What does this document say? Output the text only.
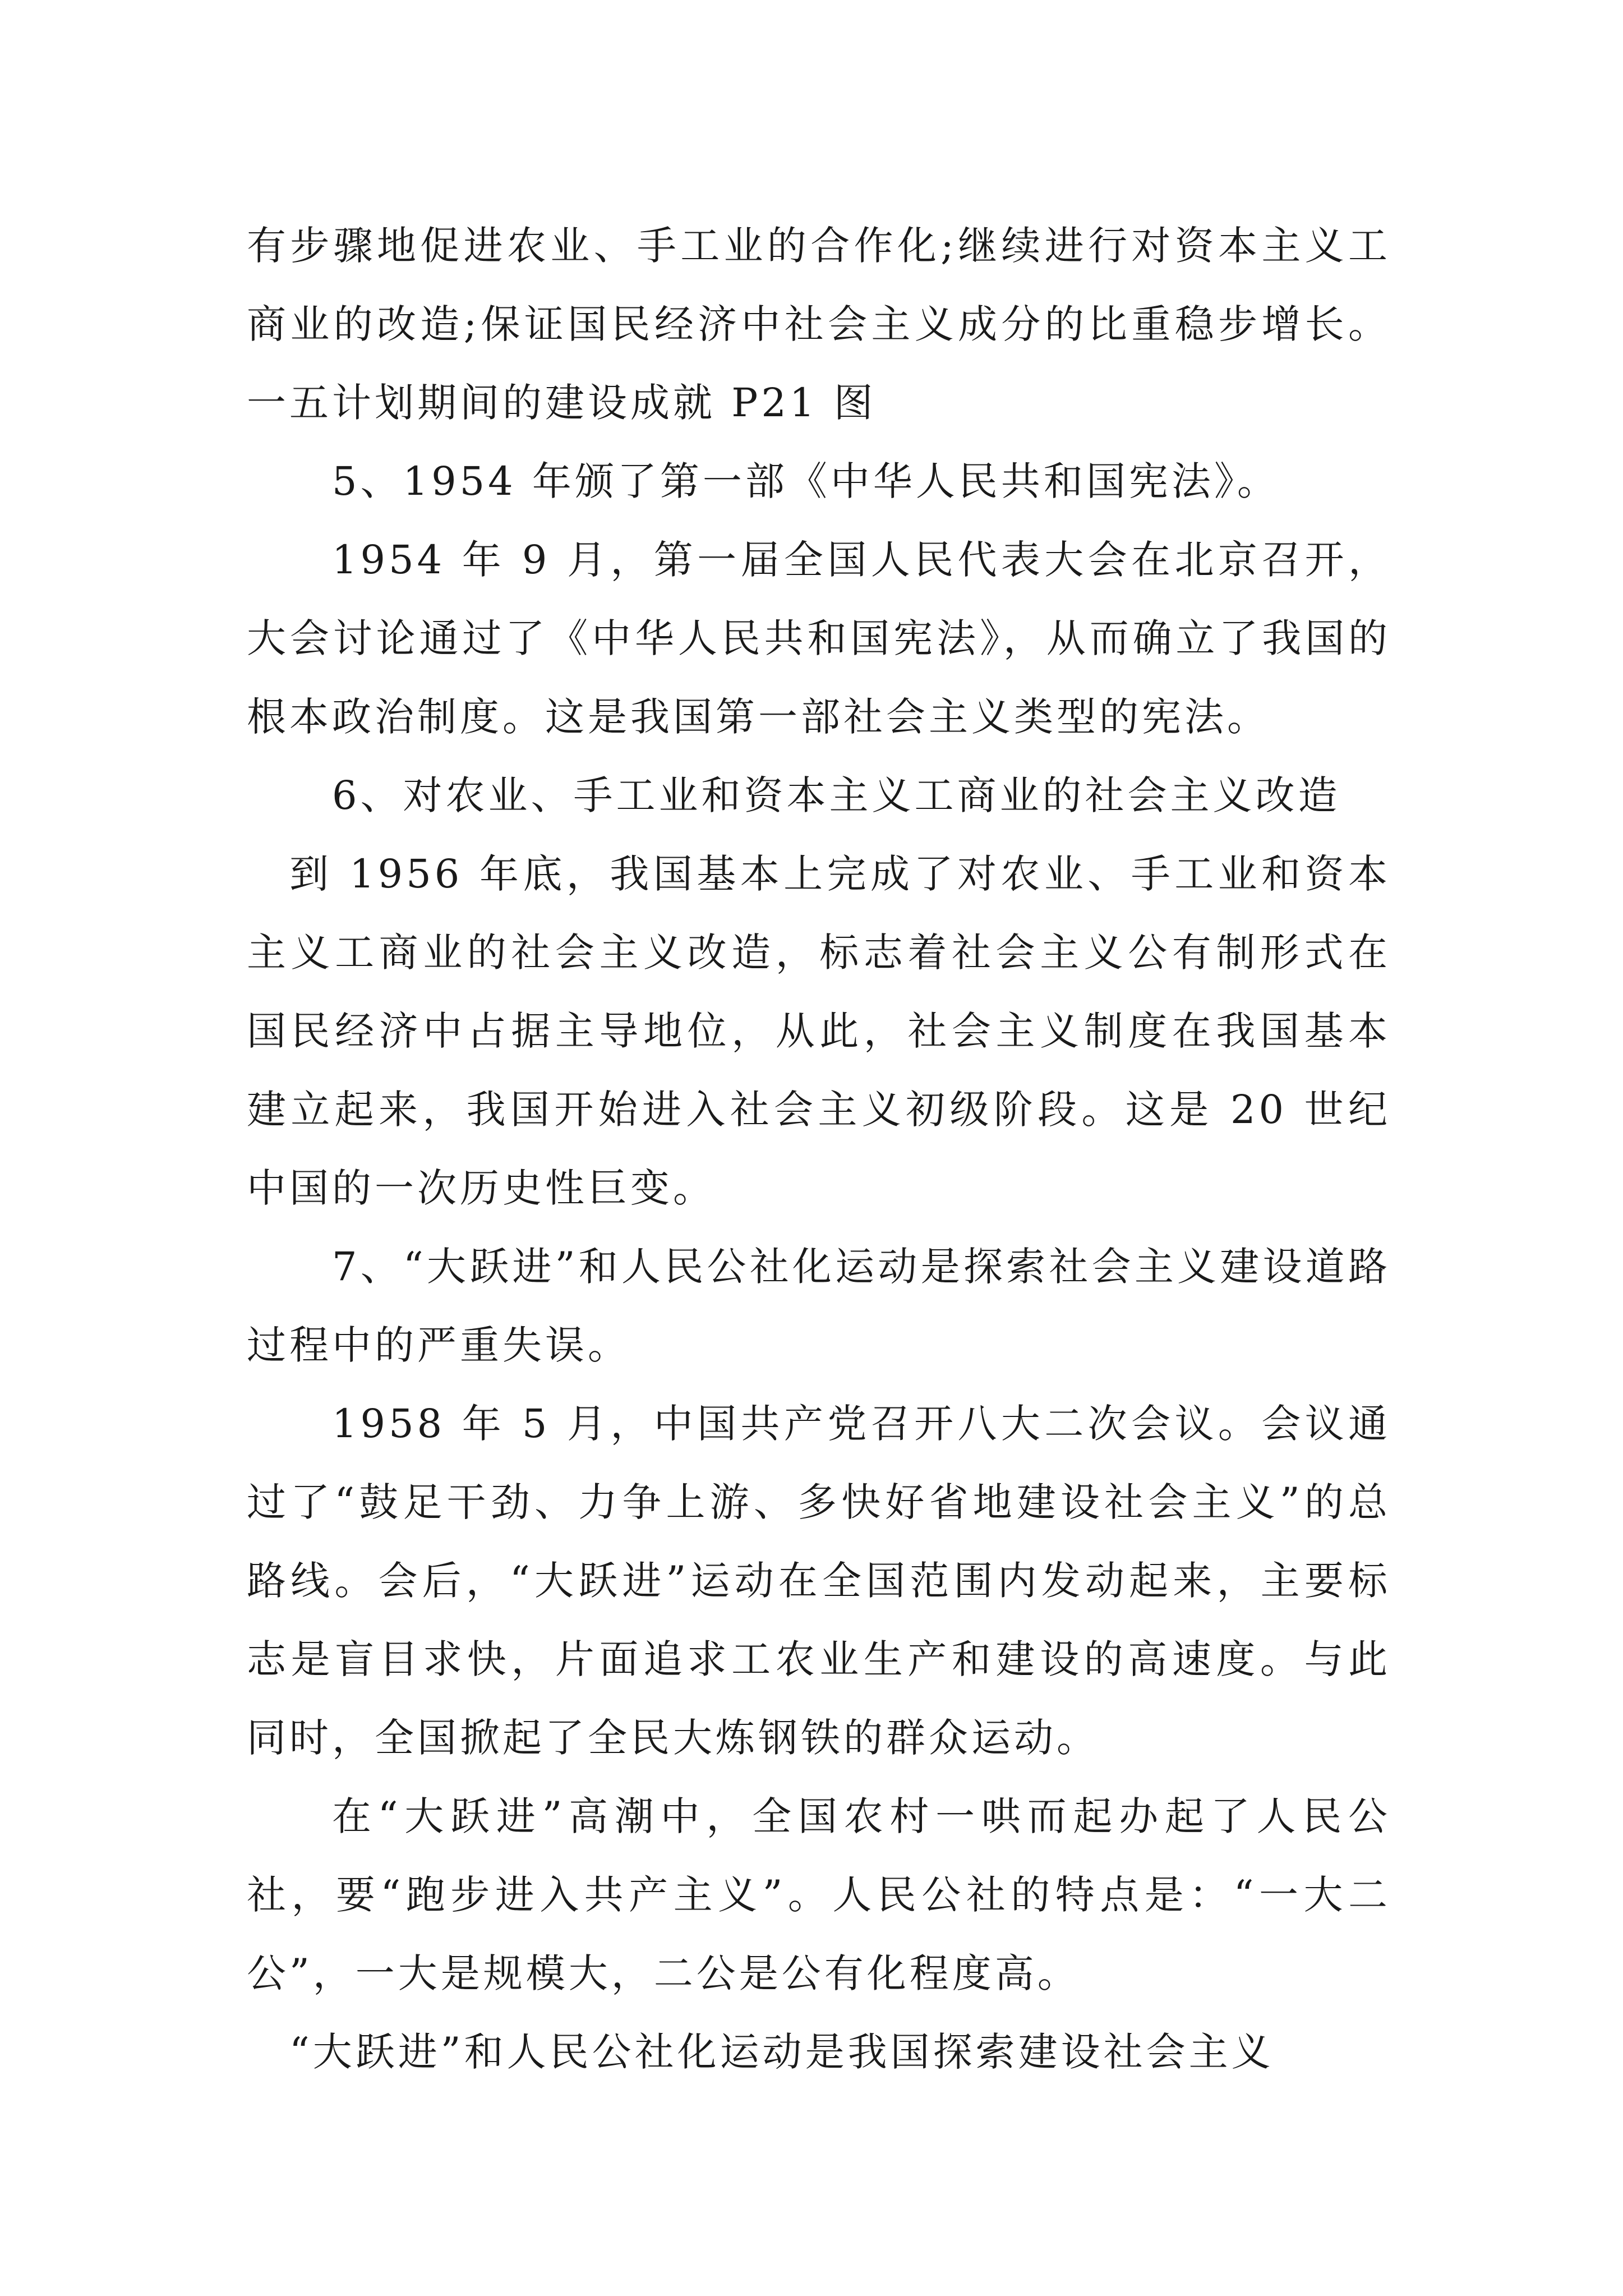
有步骤地促进农业、手工业的合作化;继续进行对资本主义工商业的改造;保证国民经济中社会主义成分的比重稳步增长。 一五计划期间的建设成就 P21 图

5、1954 年颁了第一部《中华人民共和国宪法》。

1954 年 9 月，第一届全国人民代表大会在北京召开，大会讨论通过了《中华人民共和国宪法》，从而确立了我国的根本政治制度。这是我国第一部社会主义类型的宪法。

6、对农业、手工业和资本主义工商业的社会主义改造

到 1956 年底，我国基本上完成了对农业、手工业和资本主义工商业的社会主义改造，标志着社会主义公有制形式在国民经济中占据主导地位，从此，社会主义制度在我国基本建立起来，我国开始进入社会主义初级阶段。这是 20 世纪中国的一次历史性巨变。

7、“大跃进”和人民公社化运动是探索社会主义建设道路过程中的严重失误。

1958 年 5 月，中国共产党召开八大二次会议。会议通过了“鼓足干劲、力争上游、多快好省地建设社会主义”的总路线。会后，“大跃进”运动在全国范围内发动起来，主要标志是盲目求快，片面追求工农业生产和建设的高速度。与此同时，全国掀起了全民大炼钢铁的群众运动。

在“大跃进”高潮中，全国农村一哄而起办起了人民公社，要“跑步进入共产主义”。人民公社的特点是：“一大二公”，一大是规模大，二公是公有化程度高。

“大跃进”和人民公社化运动是我国探索建设社会主义
